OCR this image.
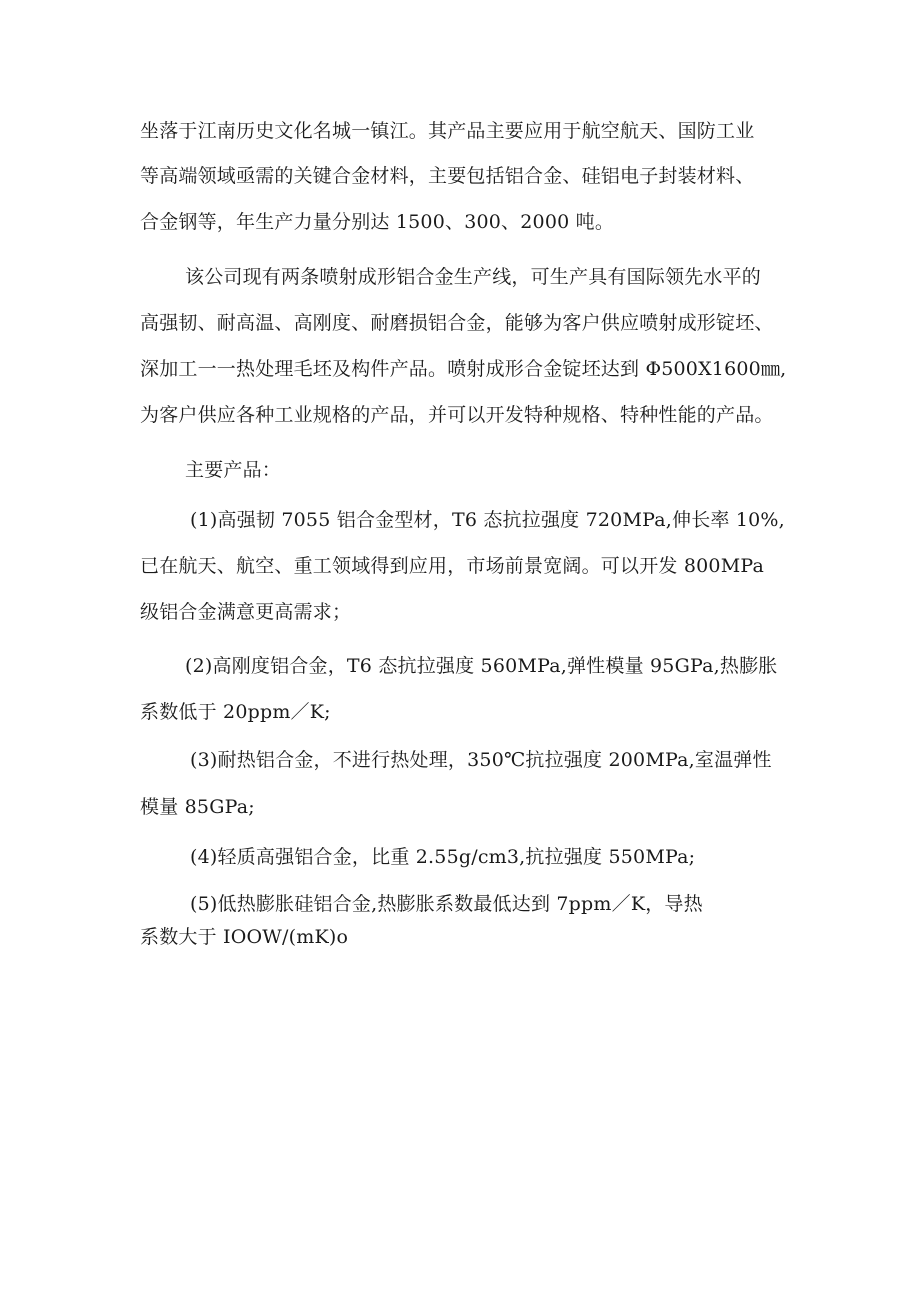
坐落于江南历史文化名城一镇江。其产品主要应用于航空航天、国防工业
等高端领域亟需的关键合金材料，主要包括铝合金、硅铝电子封装材料、
合金钢等，年生产力量分别达 1500、300、2000 吨。
该公司现有两条喷射成形铝合金生产线，可生产具有国际领先水平的
高强韧、耐高温、高刚度、耐磨损铝合金，能够为客户供应喷射成形锭坯、
深加工一一热处理毛坯及构件产品。喷射成形合金锭坯达到 Φ500X1600㎜,
为客户供应各种工业规格的产品，并可以开发特种规格、特种性能的产品。
主要产品：
(1)高强韧 7055 铝合金型材，T6 态抗拉强度 720MPa,伸长率 10%,
已在航天、航空、重工领域得到应用，市场前景宽阔。可以开发 800MPa
级铝合金满意更高需求；
(2)高刚度铝合金，T6 态抗拉强度 560MPa,弹性模量 95GPa,热膨胀
系数低于 20ppm／K;
(3)耐热铝合金，不进行热处理，350℃抗拉强度 200MPa,室温弹性
模量 85GPa;
(4)轻质高强铝合金，比重 2.55g/cm3,抗拉强度 550MPa;
(5)低热膨胀硅铝合金,热膨胀系数最低达到 7ppm／K，导热
系数大于 IOOW/(mK)o
